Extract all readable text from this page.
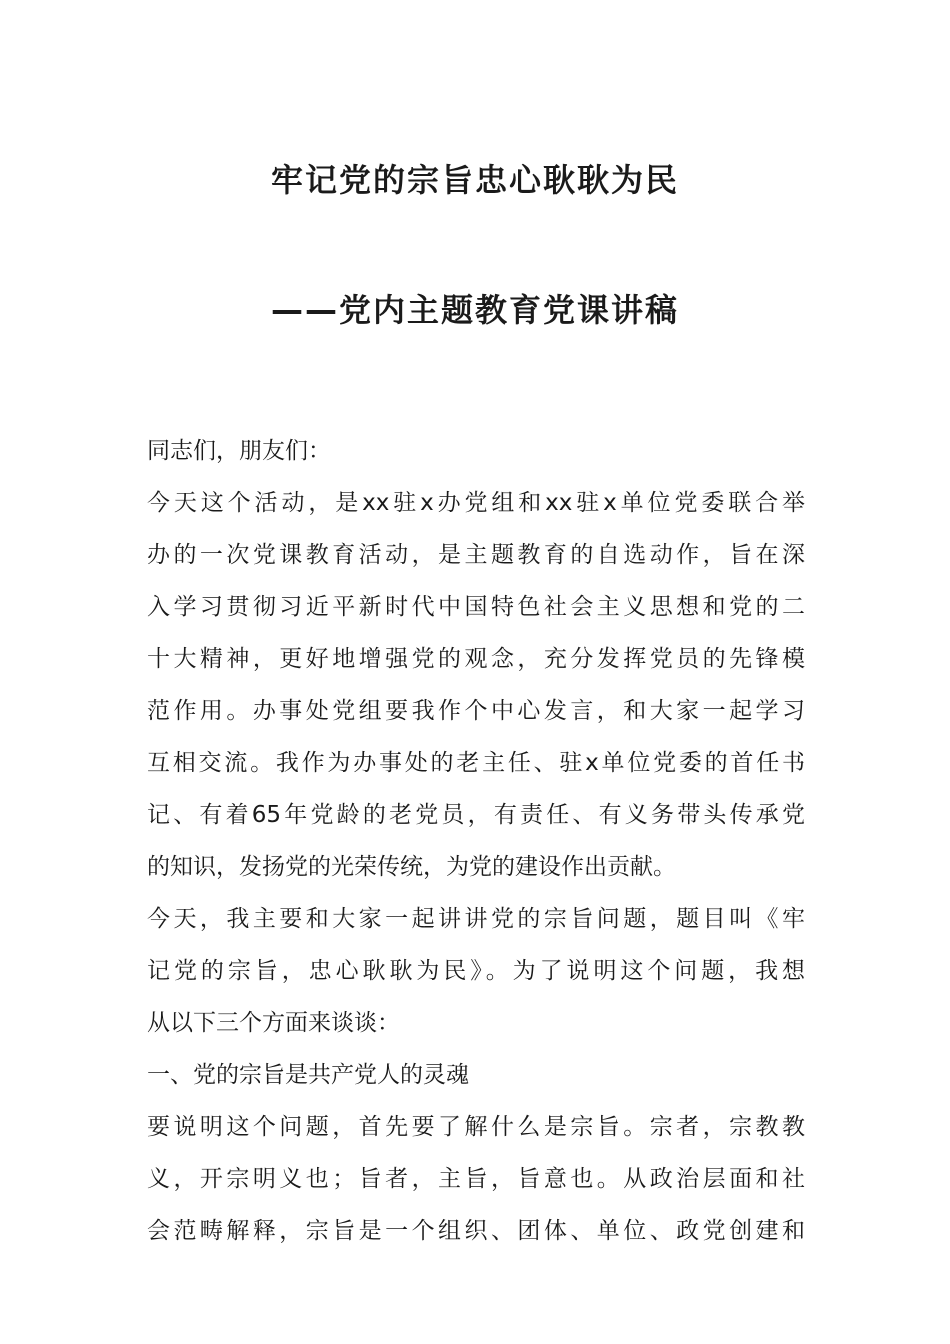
牢记党的宗旨忠心耿耿为民
——党内主题教育党课讲稿
同志们，朋友们：
今天这个活动，是xx驻x办党组和xx驻x单位党委联合举
办的一次党课教育活动，是主题教育的自选动作，旨在深
入学习贯彻习近平新时代中国特色社会主义思想和党的二
十大精神，更好地增强党的观念，充分发挥党员的先锋模
范作用。办事处党组要我作个中心发言，和大家一起学习
互相交流。我作为办事处的老主任、驻x单位党委的首任书
记、有着65年党龄的老党员，有责任、有义务带头传承党
的知识，发扬党的光荣传统，为党的建设作出贡献。
今天，我主要和大家一起讲讲党的宗旨问题，题目叫《牢
记党的宗旨，忠心耿耿为民》。为了说明这个问题，我想
从以下三个方面来谈谈：
一、党的宗旨是共产党人的灵魂
要说明这个问题，首先要了解什么是宗旨。宗者，宗教教
义，开宗明义也；旨者，主旨，旨意也。从政治层面和社
会范畴解释，宗旨是一个组织、团体、单位、政党创建和
